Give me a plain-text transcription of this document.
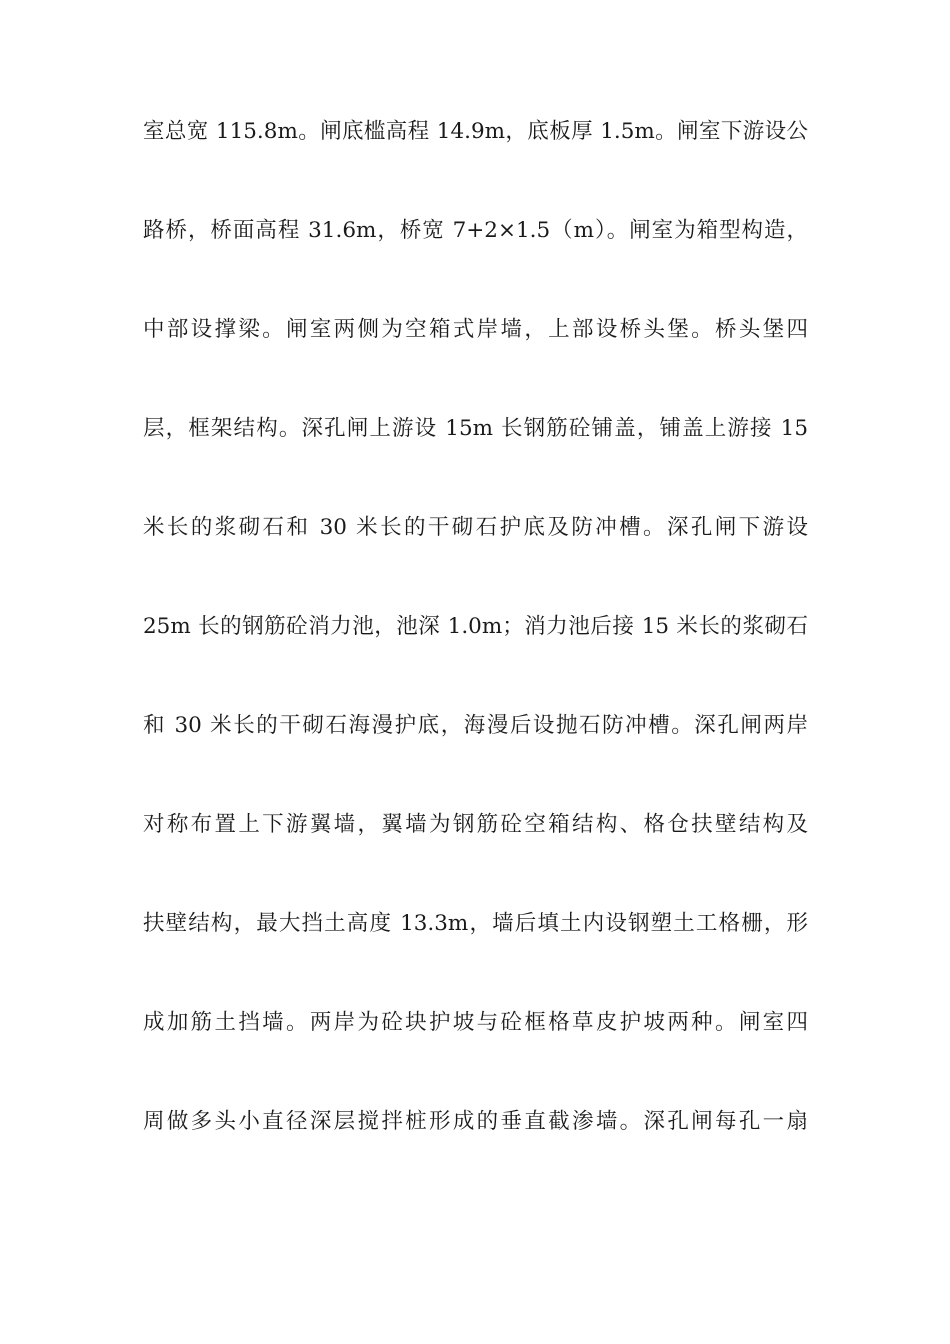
室总宽 115.8m。闸底槛高程 14.9m，底板厚 1.5m。闸室下游设公
路桥，桥面高程 31.6m，桥宽 7+2×1.5（m）。闸室为箱型构造，
中部设撑梁。闸室两侧为空箱式岸墙，上部设桥头堡。桥头堡四
层，框架结构。深孔闸上游设 15m 长钢筋砼铺盖，铺盖上游接 15
米长的浆砌石和 30 米长的干砌石护底及防冲槽。深孔闸下游设
25m 长的钢筋砼消力池，池深 1.0m；消力池后接 15 米长的浆砌石
和 30 米长的干砌石海漫护底，海漫后设抛石防冲槽。深孔闸两岸
对称布置上下游翼墙，翼墙为钢筋砼空箱结构、格仓扶壁结构及
扶壁结构，最大挡土高度 13.3m，墙后填土内设钢塑土工格栅，形
成加筋土挡墙。两岸为砼块护坡与砼框格草皮护坡两种。闸室四
周做多头小直径深层搅拌桩形成的垂直截渗墙。深孔闸每孔一扇
